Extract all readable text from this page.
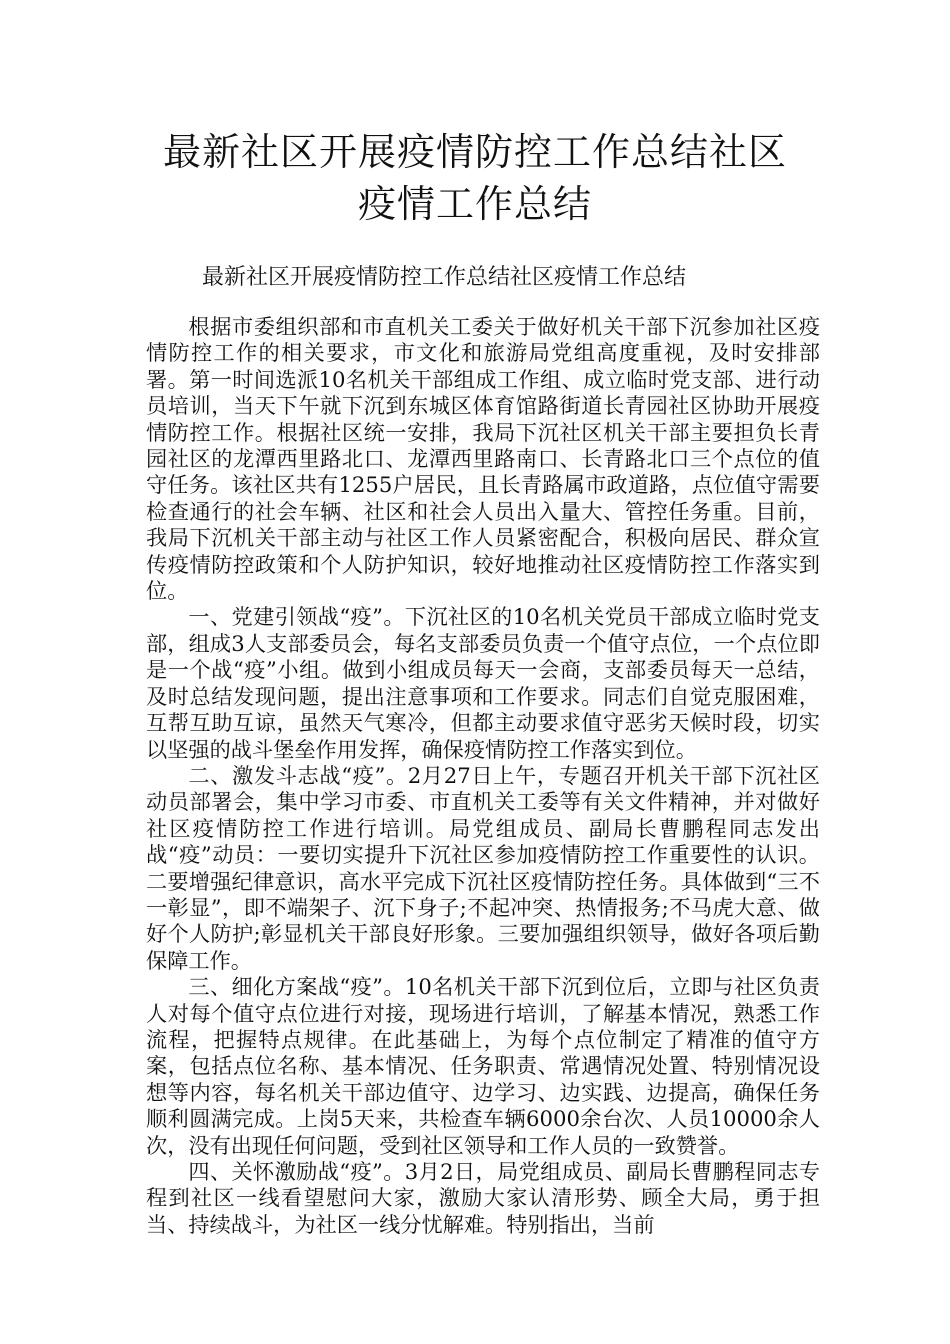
最新社区开展疫情防控工作总结社区疫情工作总结
最新社区开展疫情防控工作总结社区疫情工作总结

根据市委组织部和市直机关工委关于做好机关干部下沉参加社区疫情防控工作的相关要求，市文化和旅游局党组高度重视，及时安排部署。第一时间选派10名机关干部组成工作组、成立临时党支部、进行动员培训，当天下午就下沉到东城区体育馆路街道长青园社区协助开展疫情防控工作。根据社区统一安排，我局下沉社区机关干部主要担负长青园社区的龙潭西里路北口、龙潭西里路南口、长青路北口三个点位的值守任务。该社区共有1255户居民，且长青路属市政道路，点位值守需要检查通行的社会车辆、社区和社会人员出入量大、管控任务重。目前，我局下沉机关干部主动与社区工作人员紧密配合，积极向居民、群众宣传疫情防控政策和个人防护知识，较好地推动社区疫情防控工作落实到位。

一、党建引领战“疫”。下沉社区的10名机关党员干部成立临时党支部，组成3人支部委员会，每名支部委员负责一个值守点位，一个点位即是一个战“疫”小组。做到小组成员每天一会商，支部委员每天一总结，及时总结发现问题，提出注意事项和工作要求。同志们自觉克服困难，互帮互助互谅，虽然天气寒冷，但都主动要求值守恶劣天候时段，切实以坚强的战斗堡垒作用发挥，确保疫情防控工作落实到位。

二、激发斗志战“疫”。2月27日上午，专题召开机关干部下沉社区动员部署会，集中学习市委、市直机关工委等有关文件精神，并对做好社区疫情防控工作进行培训。局党组成员、副局长曹鹏程同志发出战“疫”动员：一要切实提升下沉社区参加疫情防控工作重要性的认识。二要增强纪律意识，高水平完成下沉社区疫情防控任务。具体做到“三不一彰显”，即不端架子、沉下身子;不起冲突、热情报务;不马虎大意、做好个人防护;彰显机关干部良好形象。三要加强组织领导，做好各项后勤保障工作。

三、细化方案战“疫”。10名机关干部下沉到位后，立即与社区负责人对每个值守点位进行对接，现场进行培训，了解基本情况，熟悉工作流程，把握特点规律。在此基础上，为每个点位制定了精准的值守方案，包括点位名称、基本情况、任务职责、常遇情况处置、特别情况设想等内容，每名机关干部边值守、边学习、边实践、边提高，确保任务顺利圆满完成。上岗5天来，共检查车辆6000余台次、人员10000余人次，没有出现任何问题，受到社区领导和工作人员的一致赞誉。

四、关怀激励战“疫”。3月2日，局党组成员、副局长曹鹏程同志专程到社区一线看望慰问大家，激励大家认清形势、顾全大局，勇于担当、持续战斗，为社区一线分忧解难。特别指出，当前
